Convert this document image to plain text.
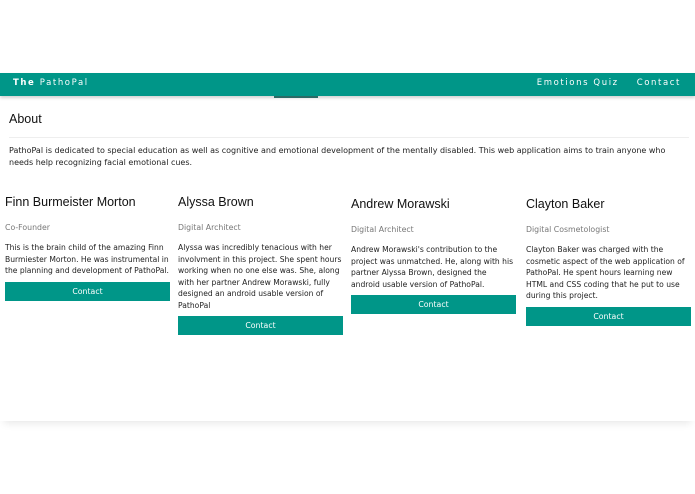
The PathoPal	Emotions Quiz Contact
About
PathoPal is dedicated to special education as well as cognitive and emotional development of the mentally disabled. This web application aims to train anyone who needs help recognizing facial emotional cues.
Finn Burmeister Morton
Co-Founder
This is the brain child of the amazing Finn Burmiester Morton. He was instrumental in the planning and development of PathoPal.
Contact
Alyssa Brown
Digital Architect
Alyssa was incredibly tenacious with her involvment in this project. She spent hours working when no one else was. She, along with her partner Andrew Morawski, fully designed an android usable version of PathoPal
Contact
Andrew Morawski
Digital Architect
Andrew Morawski's contribution to the project was unmatched. He, along with his partner Alyssa Brown, designed the android usable version of PathoPal.
Contact
Clayton Baker
Digital Cosmetologist
Clayton Baker was charged with the cosmetic aspect of the web application of PathoPal. He spent hours learning new HTML and CSS coding that he put to use during this project.
Contact
